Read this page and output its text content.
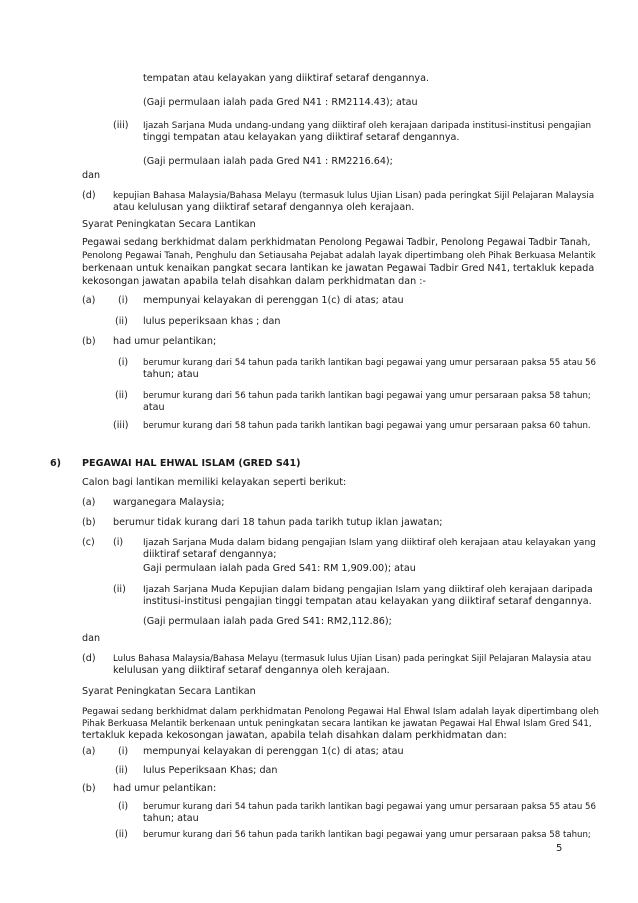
tempatan atau kelayakan yang diiktiraf setaraf dengannya.
(Gaji permulaan ialah pada Gred N41 : RM2114.43); atau
(iii) Ijazah Sarjana Muda undang-undang yang diiktiraf oleh kerajaan daripada institusi-institusi pengajian
tinggi tempatan atau kelayakan yang diiktiraf setaraf dengannya.
(Gaji permulaan ialah pada Gred N41 : RM2216.64);
dan
(d) kepujian Bahasa Malaysia/Bahasa Melayu (termasuk lulus Ujian Lisan) pada peringkat Sijil Pelajaran Malaysia
atau kelulusan yang diiktiraf setaraf dengannya oleh kerajaan.
Syarat Peningkatan Secara Lantikan
Pegawai sedang berkhidmat dalam perkhidmatan Penolong Pegawai Tadbir, Penolong Pegawai Tadbir Tanah,
Penolong Pegawai Tanah, Penghulu dan Setiausaha Pejabat adalah layak dipertimbang oleh Pihak Berkuasa Melantik
berkenaan untuk kenaikan pangkat secara lantikan ke jawatan Pegawai Tadbir Gred N41, tertakluk kepada
kekosongan jawatan apabila telah disahkan dalam perkhidmatan dan :-
(a) (i) mempunyai kelayakan di perenggan 1(c) di atas; atau
(ii) lulus peperiksaan khas ; dan
(b) had umur pelantikan;
(i) berumur kurang dari 54 tahun pada tarikh lantikan bagi pegawai yang umur persaraan paksa 55 atau 56
tahun; atau
(ii) berumur kurang dari 56 tahun pada tarikh lantikan bagi pegawai yang umur persaraan paksa 58 tahun;
atau
(iii) berumur kurang dari 58 tahun pada tarikh lantikan bagi pegawai yang umur persaraan paksa 60 tahun.
6) PEGAWAI HAL EHWAL ISLAM (GRED S41)
Calon bagi lantikan memiliki kelayakan seperti berikut:
(a) warganegara Malaysia;
(b) berumur tidak kurang dari 18 tahun pada tarikh tutup iklan jawatan;
(c) (i) Ijazah Sarjana Muda dalam bidang pengajian Islam yang diiktiraf oleh kerajaan atau kelayakan yang
diiktiraf setaraf dengannya;
Gaji permulaan ialah pada Gred S41: RM 1,909.00); atau
(ii) Ijazah Sarjana Muda Kepujian dalam bidang pengajian Islam yang diiktiraf oleh kerajaan daripada
institusi-institusi pengajian tinggi tempatan atau kelayakan yang diiktiraf setaraf dengannya.
(Gaji permulaan ialah pada Gred S41: RM2,112.86);
dan
(d) Lulus Bahasa Malaysia/Bahasa Melayu (termasuk lulus Ujian Lisan) pada peringkat Sijil Pelajaran Malaysia atau
kelulusan yang diiktiraf setaraf dengannya oleh kerajaan.
Syarat Peningkatan Secara Lantikan
Pegawai sedang berkhidmat dalam perkhidmatan Penolong Pegawai Hal Ehwal Islam adalah layak dipertimbang oleh
Pihak Berkuasa Melantik berkenaan untuk peningkatan secara lantikan ke jawatan Pegawai Hal Ehwal Islam Gred S41,
tertakluk kepada kekosongan jawatan, apabila telah disahkan dalam perkhidmatan dan:
(a) (i) mempunyai kelayakan di perenggan 1(c) di atas; atau
(ii) lulus Peperiksaan Khas; dan
(b) had umur pelantikan:
(i) berumur kurang dari 54 tahun pada tarikh lantikan bagi pegawai yang umur persaraan paksa 55 atau 56
tahun; atau
(ii) berumur kurang dari 56 tahun pada tarikh lantikan bagi pegawai yang umur persaraan paksa 58 tahun;
5
